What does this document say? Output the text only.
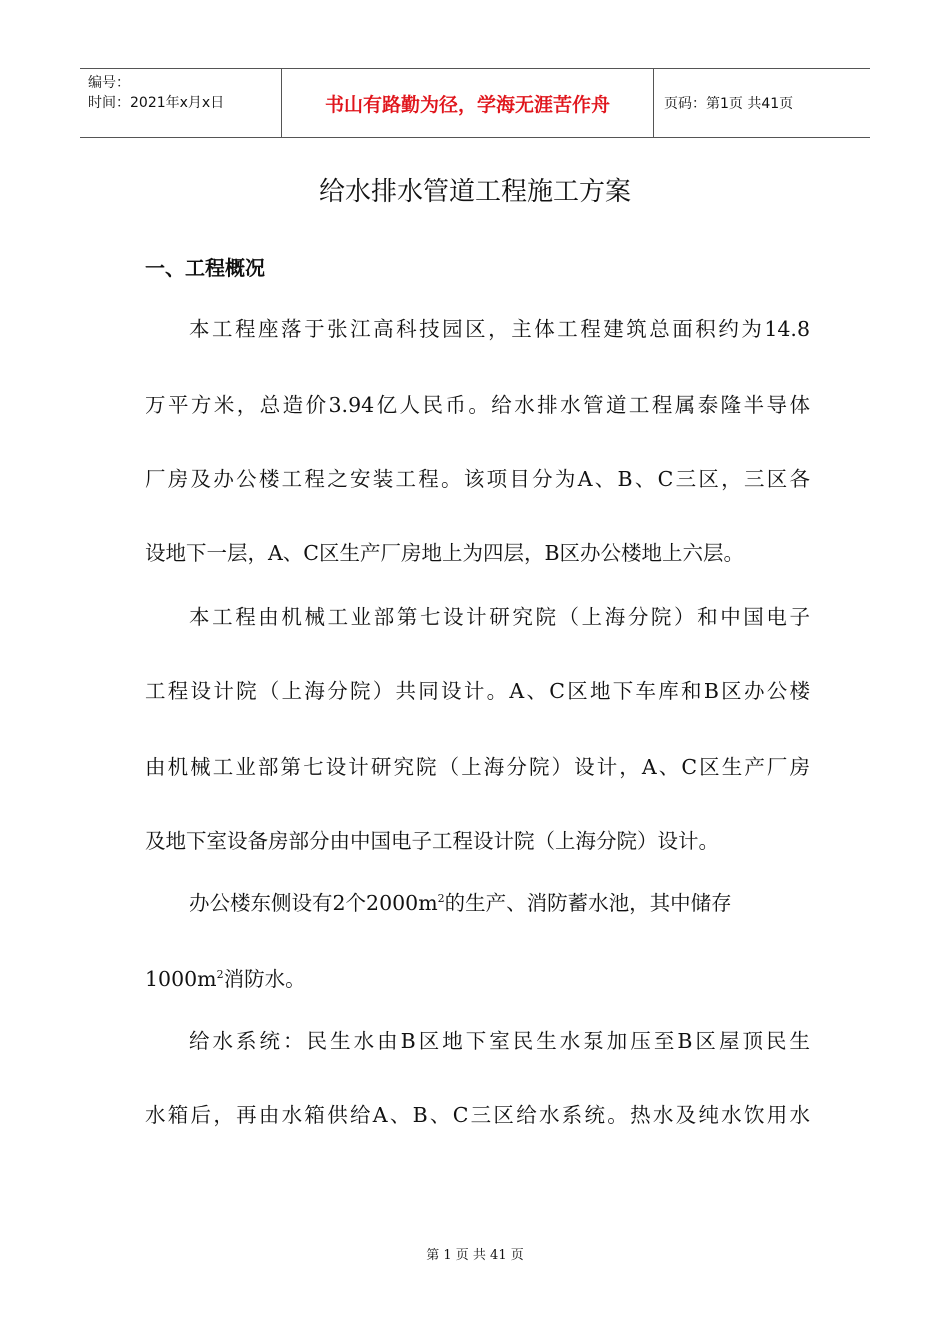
编号：
时间：2021年x月x日	书山有路勤为径，学海无涯苦作舟	页码：第1页 共41页
给水排水管道工程施工方案
一、工程概况
本工程座落于张江高科技园区，主体工程建筑总面积约为14.8
万平方米，总造价3.94亿人民币。给水排水管道工程属泰隆半导体
厂房及办公楼工程之安装工程。该项目分为A、B、C三区，三区各
设地下一层，A、C区生产厂房地上为四层，B区办公楼地上六层。
本工程由机械工业部第七设计研究院（上海分院）和中国电子
工程设计院（上海分院）共同设计。A、C区地下车库和B区办公楼
由机械工业部第七设计研究院（上海分院）设计，A、C区生产厂房
及地下室设备房部分由中国电子工程设计院（上海分院）设计。
办公楼东侧设有2个$2000m^2$的生产、消防蓄水池，其中储存
$1000m^2$消防水。
给水系统：民生水由B区地下室民生水泵加压至B区屋顶民生
水箱后，再由水箱供给A、B、C三区给水系统。热水及纯水饮用水
第 1 页 共 41 页
